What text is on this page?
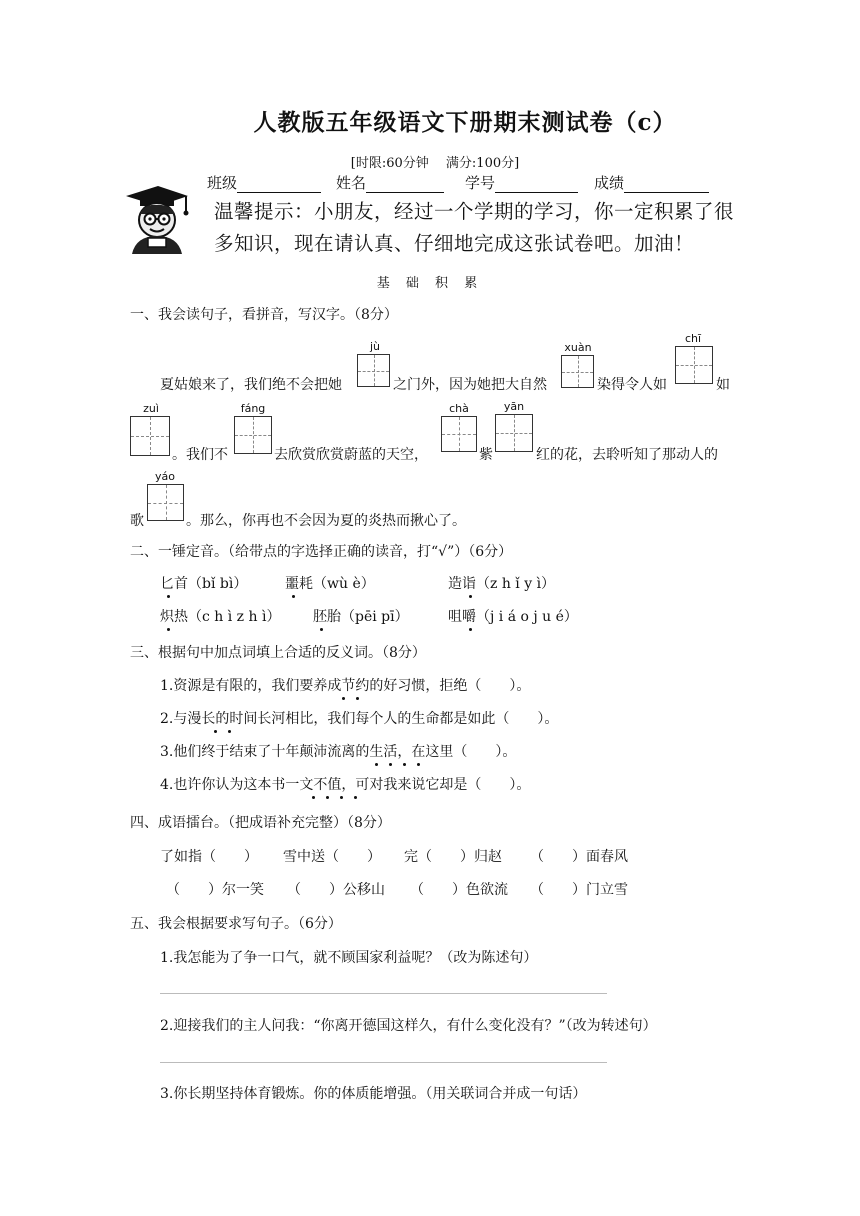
人教版五年级语文下册期末测试卷（c）
[时限:60分钟　 满分:100分]
班级	姓名	学号	成绩
温馨提示：小朋友，经过一个学期的学习，你一定积累了很多知识，现在请认真、仔细地完成这张试卷吧。加油！
基 础 积 累
一、我会读句子，看拼音，写汉字。（8分）
jù	xuàn
chī
夏姑娘来了，我们绝不会把她	之门外，因为她把大自然	染得令人如	如
zuì	fáng	chà	yān
。我们不	去欣赏欣赏蔚蓝的天空，	紫	红的花，去聆听知了那动人的
yáo
歌	。那么，你再也不会因为夏的炎热而揪心了。
二、一锤定音。（给带点的字选择正确的读音，打“√”）（6分）
匕首（bǐ bì）	噩耗（wù è）	造诣（z h ǐ y ì）
炽热（c h ì z h ì） 胚胎（pēi pī）	咀嚼（j i á o j u é）
三、根据句中加点词填上合适的反义词。（8分）
1.资源是有限的，我们要养成节约的好习惯，拒绝（　　）。
2.与漫长的时间长河相比，我们每个人的生命都是如此（　　）。
3.他们终于结束了十年颠沛流离的生活，在这里（　　）。
4.也许你认为这本书一文不值，可对我来说它却是（　　）。
四、成语擂台。（把成语补充完整）（8分）
了如指（　　） 雪中送（　　） 完（　　）归赵 （　　）面春风
（　　）尔一笑 （　　）公移山 （　　）色欲流 （　　）门立雪
五、我会根据要求写句子。（6分）
1.我怎能为了争一口气，就不顾国家利益呢？（改为陈述句）
2.迎接我们的主人问我：“你离开德国这样久，有什么变化没有？”（改为转述句）
3.你长期坚持体育锻炼。你的体质能增强。（用关联词合并成一句话）
